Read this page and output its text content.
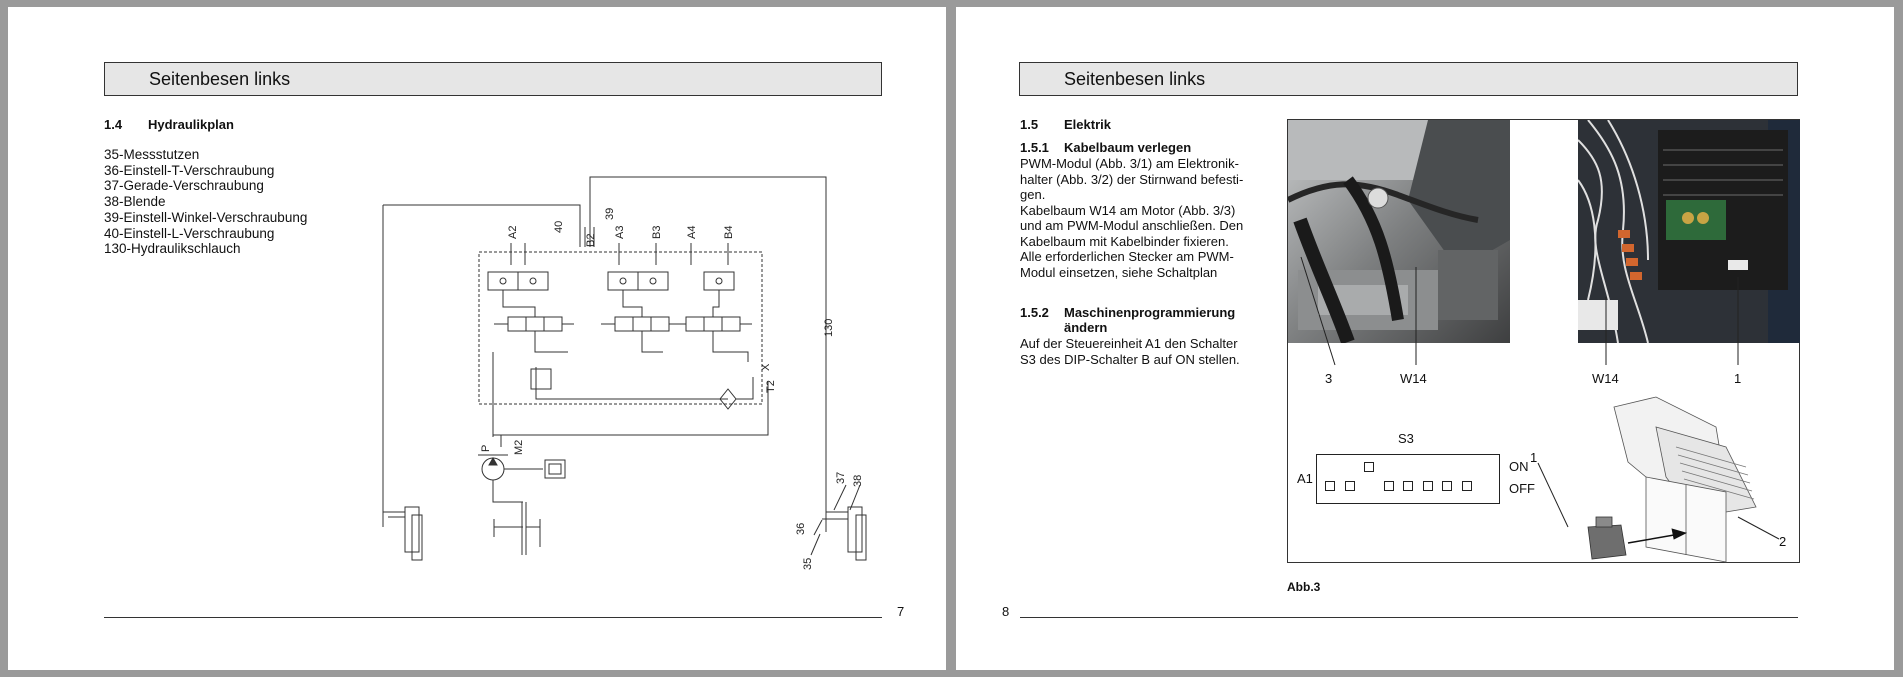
Seitenbesen links
1.4 Hydraulikplan
35-Messstutzen
36-Einstell-T-Verschraubung
37-Gerade-Verschraubung
38-Blende
39-Einstell-Winkel-Verschraubung
40-Einstell-L-Verschraubung
130-Hydraulikschlauch
A2	40
B2
39
A3 B3 A4 B4
130
X
T2
P M2
35
36
37 38
7
Seitenbesen links
1.5 Elektrik
1.5.1 Kabelbaum verlegen
PWM-Modul (Abb. 3/1) am Elektronik-
halter (Abb. 3/2) der Stirnwand befesti-
gen.
Kabelbaum W14 am Motor (Abb. 3/3)
und am PWM-Modul anschließen. Den
Kabelbaum mit Kabelbinder fixieren.
Alle erforderlichen Stecker am PWM-
Modul einsetzen, siehe Schaltplan
1.5.2 Maschinenprogrammierung
ändern
Auf der Steuereinheit A1 den Schalter
S3 des DIP-Schalter B auf ON stellen.
3	W14	W14	1
1
2
S3
A1
ON
OFF
Abb.3
8
